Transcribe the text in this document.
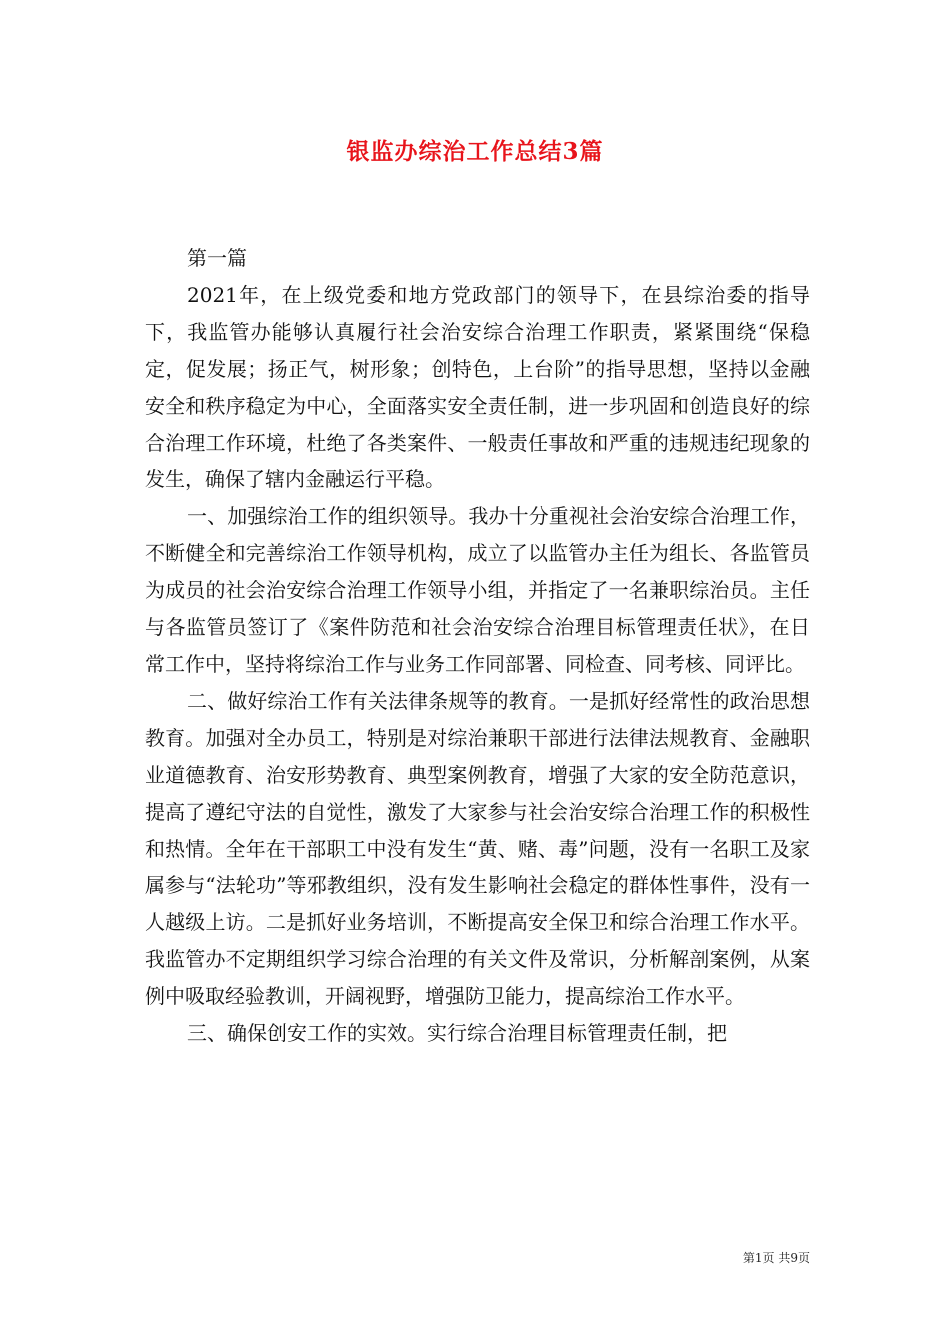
银监办综治工作总结3篇

第一篇

2021年，在上级党委和地方党政部门的领导下，在县综治委的指导下，我监管办能够认真履行社会治安综合治理工作职责，紧紧围绕“保稳定，促发展；扬正气，树形象；创特色，上台阶”的指导思想，坚持以金融安全和秩序稳定为中心，全面落实安全责任制，进一步巩固和创造良好的综合治理工作环境，杜绝了各类案件、一般责任事故和严重的违规违纪现象的发生，确保了辖内金融运行平稳。

一、加强综治工作的组织领导。我办十分重视社会治安综合治理工作，不断健全和完善综治工作领导机构，成立了以监管办主任为组长、各监管员为成员的社会治安综合治理工作领导小组，并指定了一名兼职综治员。主任与各监管员签订了《案件防范和社会治安综合治理目标管理责任状》，在日常工作中，坚持将综治工作与业务工作同部署、同检查、同考核、同评比。

二、做好综治工作有关法律条规等的教育。一是抓好经常性的政治思想教育。加强对全办员工，特别是对综治兼职干部进行法律法规教育、金融职业道德教育、治安形势教育、典型案例教育，增强了大家的安全防范意识，提高了遵纪守法的自觉性，激发了大家参与社会治安综合治理工作的积极性和热情。全年在干部职工中没有发生“黄、赌、毒”问题，没有一名职工及家属参与“法轮功”等邪教组织，没有发生影响社会稳定的群体性事件，没有一人越级上访。二是抓好业务培训，不断提高安全保卫和综合治理工作水平。我监管办不定期组织学习综合治理的有关文件及常识，分析解剖案例，从案例中吸取经验教训，开阔视野，增强防卫能力，提高综治工作水平。

三、确保创安工作的实效。实行综合治理目标管理责任制，把

第1页 共9页
